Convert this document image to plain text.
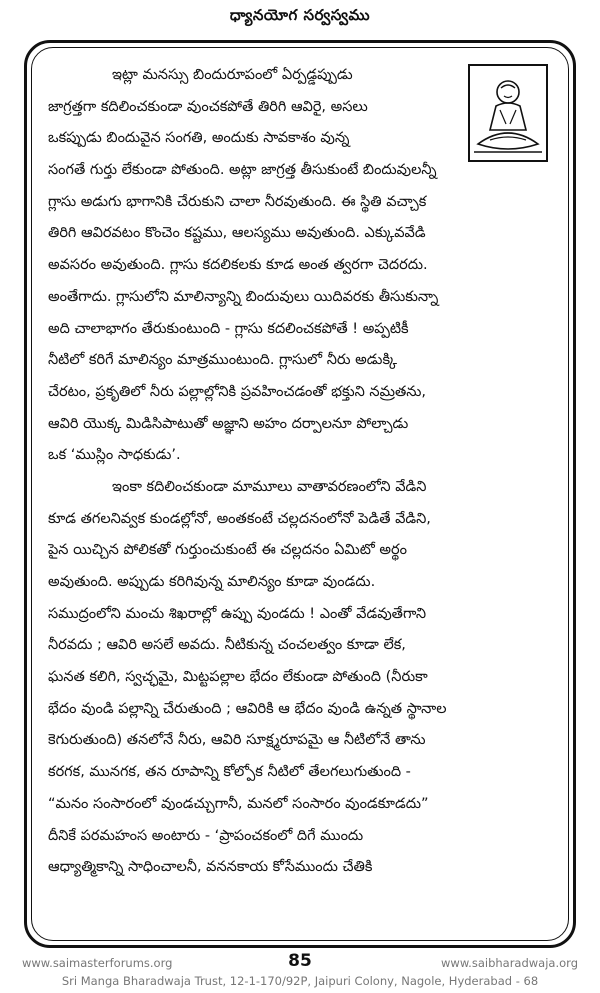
ధ్యానయోగ సర్వస్వము
ఇట్లా మనస్సు బిందురూపంలో ఏర్పడ్డప్పుడు
జాగ్రత్తగా కదిలించకుండా వుంచకపోతే తిరిగి ఆవిరై, అసలు
ఒకప్పుడు బిందువైన సంగతి, అందుకు సావకాశం వున్న
సంగతే గుర్తు లేకుండా పోతుంది. అట్లా జాగ్రత్త తీసుకుంటే బిందువులన్నీ
గ్లాసు అడుగు భాగానికి చేరుకుని చాలా నీరవుతుంది. ఈ స్థితి వచ్చాక
తిరిగి ఆవిరవటం కొంచెం కష్టము, ఆలస్యము అవుతుంది. ఎక్కువవేడి
అవసరం అవుతుంది. గ్లాసు కదలికలకు కూడ అంత త్వరగా చెదరదు.
అంతేగాదు. గ్లాసులోని మాలిన్యాన్ని బిందువులు యిదివరకు తీసుకున్నా
అది చాలాభాగం తేరుకుంటుంది - గ్లాసు కదలించకపోతే ! అప్పటికీ
నీటిలో కరిగే మాలిన్యం మాత్రముంటుంది. గ్లాసులో నీరు అడుక్కి
చేరటం, ప్రకృతిలో నీరు పల్లాల్లోనికి ప్రవహించడంతో భక్తుని నమ్రతను,
ఆవిరి యొక్క మిడిసిపాటుతో అజ్ఞాని అహం దర్పాలనూ పోల్చాడు
ఒక ‘ముస్లిం సాధకుడు’.
ఇంకా కదిలించకుండా మామూలు వాతావరణంలోని వేడిని
కూడ తగలనివ్వక కుండల్లోనో, అంతకంటే చల్లదనంలోనో పెడితే వేడిని,
పైన యిచ్చిన పోలికతో గుర్తుంచుకుంటే ఈ చల్లదనం ఏమిటో అర్థం
అవుతుంది. అప్పుడు కరిగివున్న మాలిన్యం కూడా వుండదు.
సముద్రంలోని మంచు శిఖరాల్లో ఉప్పు వుండదు ! ఎంతో వేడవుతేగాని
నీరవదు ; ఆవిరి అసలే అవదు. నీటికున్న చంచలత్వం కూడా లేక,
ఘనత కలిగి, స్వచ్ఛమై, మిట్టపల్లాల భేదం లేకుండా పోతుంది (నీరుకా
భేదం వుండి పల్లాన్ని చేరుతుంది ; ఆవిరికి ఆ భేదం వుండి ఉన్నత స్థానాల
కెగురుతుంది) తనలోనే నీరు, ఆవిరి సూక్ష్మరూపమై ఆ నీటిలోనే తాను
కరగక, మునగక, తన రూపాన్ని కోల్పోక నీటిలో తేలగలుగుతుంది -
“మనం సంసారంలో వుండచ్చుగానీ, మనలో సంసారం వుండకూడదు”
దీనికే పరమహంస అంటారు - ‘ప్రాపంచకంలో దిగే ముందు
ఆధ్యాత్మికాన్ని సాధించాలనీ, వననకాయ కోసేముందు చేతికి
www.saimasterforums.org	85	www.saibharadwaja.org
Sri Manga Bharadwaja Trust, 12-1-170/92P, Jaipuri Colony, Nagole, Hyderabad - 68
